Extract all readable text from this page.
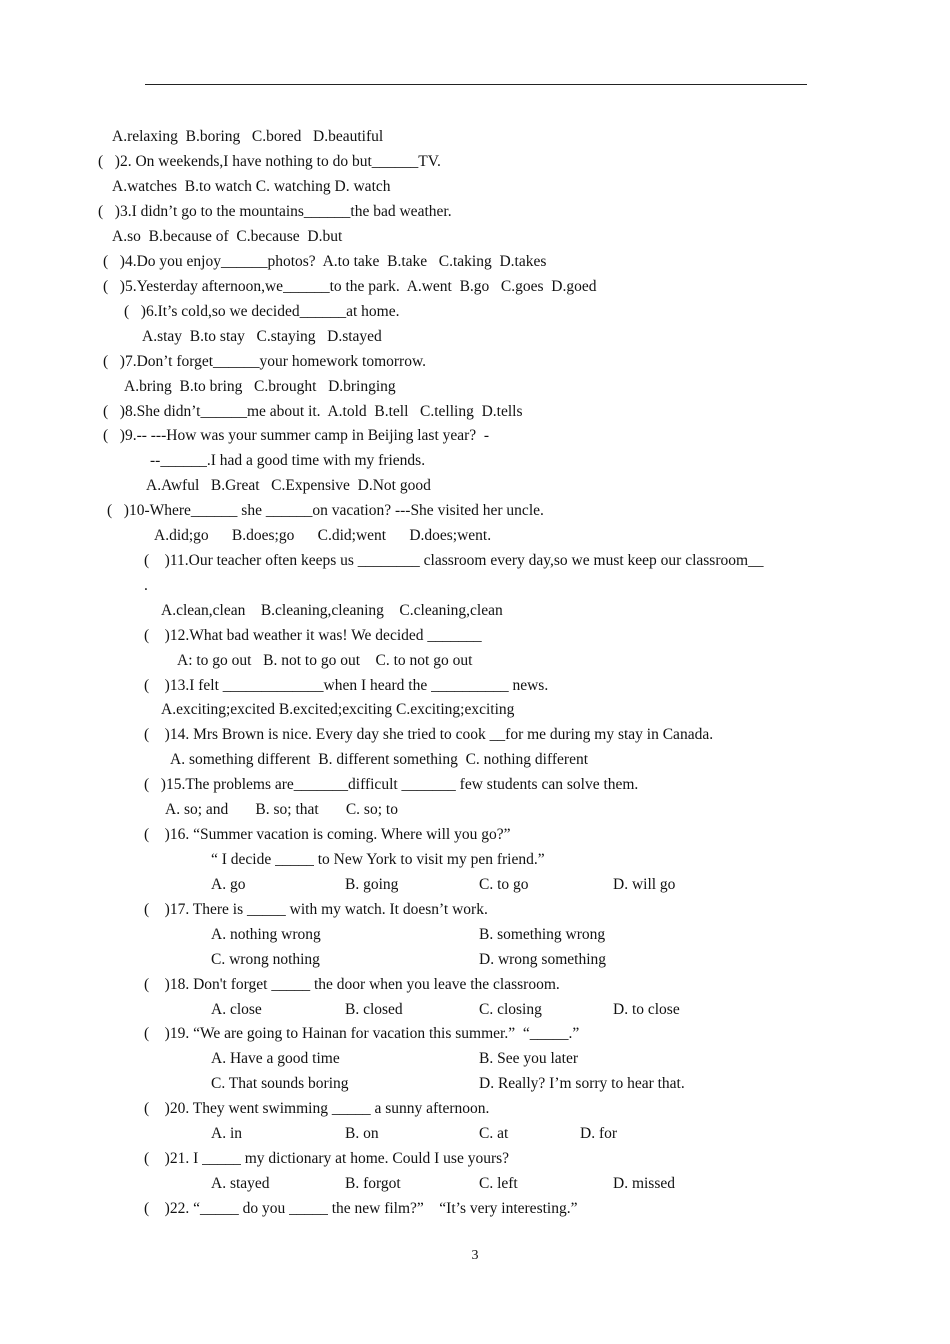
A.relaxing  B.boring   C.bored   D.beautiful
(   )2. On weekends,I have nothing to do but______TV.
A.watches  B.to watch C. watching D. watch
(   )3.I didn’t go to the mountains______the bad weather.
A.so  B.because of  C.because  D.but
(   )4.Do you enjoy______photos?  A.to take  B.take   C.taking  D.takes
(   )5.Yesterday afternoon,we______to the park.  A.went  B.go   C.goes  D.goed
(   )6.It’s cold,so we decided______at home.
A.stay  B.to stay   C.staying   D.stayed
(   )7.Don’t forget______your homework tomorrow.
A.bring  B.to bring   C.brought   D.bringing
(   )8.She didn’t______me about it.  A.told  B.tell   C.telling  D.tells
(   )9.-- ---How was your summer camp in Beijing last year?  -
--______.I had a good time with my friends.
A.Awful   B.Great   C.Expensive  D.Not good
(   )10-Where______ she ______on vacation? ---She visited her uncle.
A.did;go      B.does;go      C.did;went      D.does;went.
(    )11.Our teacher often keeps us ________ classroom every day,so we must keep our classroom__
.
A.clean,clean    B.cleaning,cleaning    C.cleaning,clean
(    )12.What bad weather it was! We decided _______
A: to go out   B. not to go out    C. to not go out
(    )13.I felt _____________when I heard the __________ news.
A.exciting;excited B.excited;exciting C.exciting;exciting
(    )14. Mrs Brown is nice. Every day she tried to cook __for me during my stay in Canada.
A. something different  B. different something  C. nothing different
(   )15.The problems are_______difficult _______ few students can solve them.
A. so; and       B. so; that       C. so; to
(    )16. “Summer vacation is coming. Where will you go?”
“ I decide _____ to New York to visit my pen friend.”
A. go	B. going	C. to go	D. will go
(    )17. There is _____ with my watch. It doesn’t work.
A. nothing wrong	B. something wrong
C. wrong nothing	D. wrong something
(    )18. Don't forget _____ the door when you leave the classroom.
A. close	B. closed	C. closing	D. to close
(    )19. “We are going to Hainan for vacation this summer.”  “_____.”
A. Have a good time	B. See you later
C. That sounds boring	D. Really? I’m sorry to hear that.
(    )20. They went swimming _____ a sunny afternoon.
A. in	B. on	C. at	D. for
(    )21. I _____ my dictionary at home. Could I use yours?
A. stayed	B. forgot	C. left	D. missed
(    )22. “_____ do you _____ the new film?”    “It’s very interesting.”
3
